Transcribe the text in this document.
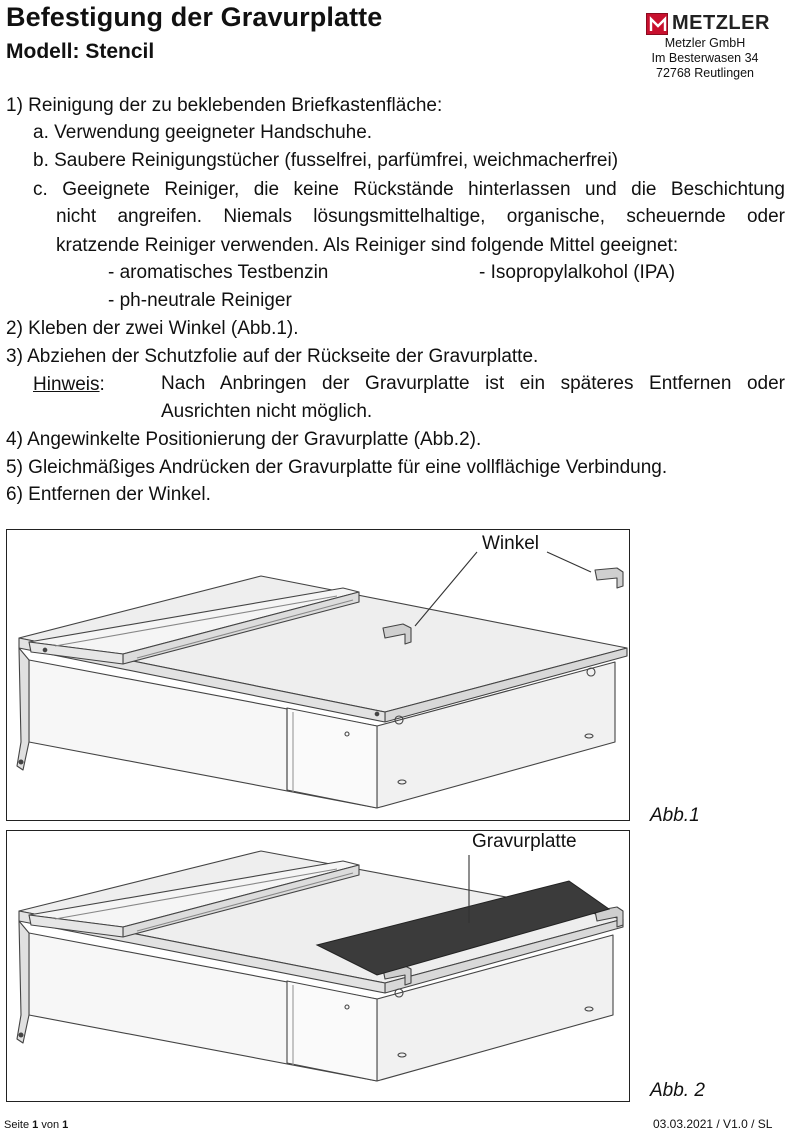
Befestigung der Gravurplatte
Modell: Stencil
METZLER
Metzler GmbH
Im Besterwasen 34
72768 Reutlingen
1) Reinigung der zu beklebenden Briefkastenfläche:
a. Verwendung geeigneter Handschuhe.
b. Saubere Reinigungstücher (fusselfrei, parfümfrei, weichmacherfrei)
c. Geeignete Reiniger, die keine Rückstände hinterlassen und die Beschichtung
nicht angreifen. Niemals lösungsmittelhaltige, organische, scheuernde oder
kratzende Reiniger verwenden. Als Reiniger sind folgende Mittel geeignet:
- aromatisches Testbenzin	- Isopropylalkohol (IPA)
- ph-neutrale Reiniger
2) Kleben der zwei Winkel (Abb.1).
3) Abziehen der Schutzfolie auf der Rückseite der Gravurplatte.
Hinweis:	Nach Anbringen der Gravurplatte ist ein späteres Entfernen oder
Ausrichten nicht möglich.
4) Angewinkelte Positionierung der Gravurplatte (Abb.2).
5) Gleichmäßiges Andrücken der Gravurplatte für eine vollflächige Verbindung.
6) Entfernen der Winkel.
Winkel
Abb.1
Gravurplatte
Abb. 2
Seite 1 von 1	03.03.2021 / V1.0 / SL
